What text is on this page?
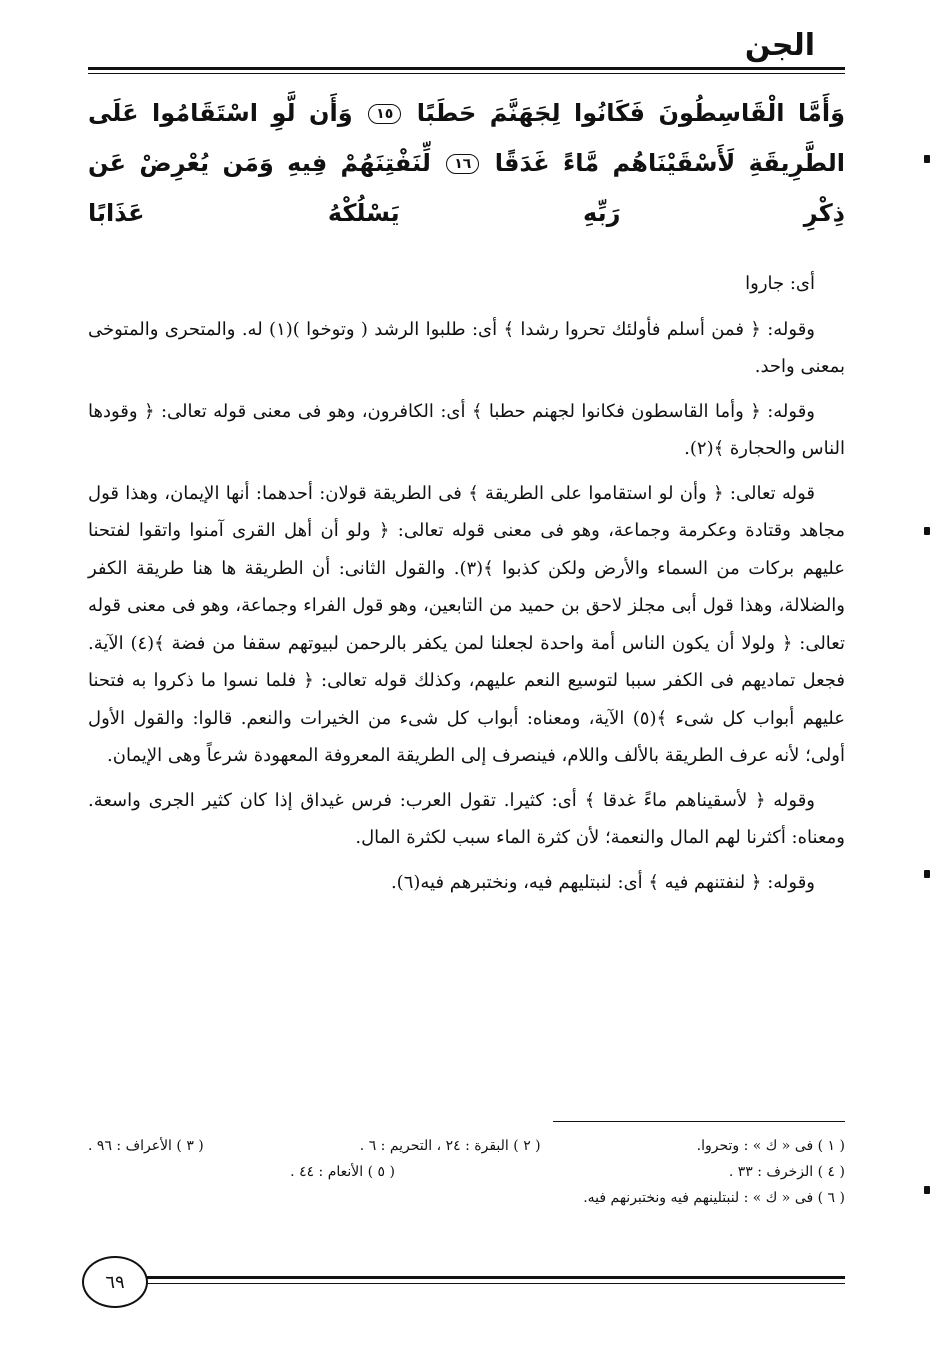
الجن
وَأَمَّا الْقَاسِطُونَ فَكَانُوا لِجَهَنَّمَ حَطَبًا ١٥ وَأَن لَّوِ اسْتَقَامُوا عَلَى الطَّرِيقَةِ لَأَسْقَيْنَاهُم مَّاءً غَدَقًا ١٦ لِّنَفْتِنَهُمْ فِيهِ وَمَن يُعْرِضْ عَن ذِكْرِ رَبِّهِ يَسْلُكْهُ عَذَابًا

أى: جاروا

وقوله: ﴿ فمن أسلم فأولئك تحروا رشدا ﴾ أى: طلبوا الرشد ( وتوخوا )(١) له. والمتحرى والمتوخى بمعنى واحد.

وقوله: ﴿ وأما القاسطون فكانوا لجهنم حطبا ﴾ أى: الكافرون، وهو فى معنى قوله تعالى: ﴿ وقودها الناس والحجارة ﴾(٢).

قوله تعالى: ﴿ وأن لو استقاموا على الطريقة ﴾ فى الطريقة قولان: أحدهما: أنها الإيمان، وهذا قول مجاهد وقتادة وعكرمة وجماعة، وهو فى معنى قوله تعالى: ﴿ ولو أن أهل القرى آمنوا واتقوا لفتحنا عليهم بركات من السماء والأرض ولكن كذبوا ﴾(٣). والقول الثانى: أن الطريقة ها هنا طريقة الكفر والضلالة، وهذا قول أبى مجلز لاحق بن حميد من التابعين، وهو قول الفراء وجماعة، وهو فى معنى قوله تعالى: ﴿ ولولا أن يكون الناس أمة واحدة لجعلنا لمن يكفر بالرحمن لبيوتهم سقفا من فضة ﴾(٤) الآية. فجعل تماديهم فى الكفر سببا لتوسيع النعم عليهم، وكذلك قوله تعالى: ﴿ فلما نسوا ما ذكروا به فتحنا عليهم أبواب كل شىء ﴾(٥) الآية، ومعناه: أبواب كل شىء من الخيرات والنعم. قالوا: والقول الأول أولى؛ لأنه عرف الطريقة بالألف واللام، فينصرف إلى الطريقة المعروفة المعهودة شرعاً وهى الإيمان.

وقوله ﴿ لأسقيناهم ماءً غدقا ﴾ أى: كثيرا. تقول العرب: فرس غيداق إذا كان كثير الجرى واسعة. ومعناه: أكثرنا لهم المال والنعمة؛ لأن كثرة الماء سبب لكثرة المال.

وقوله: ﴿ لنفتنهم فيه ﴾ أى: لنبتليهم فيه، ونختبرهم فيه(٦).

( ١ ) فى « ك » : وتحروا.
( ٢ ) البقرة : ٢٤ ، التحريم : ٦ .
( ٣ ) الأعراف : ٩٦ .
( ٤ ) الزخرف : ٣٣ .
( ٥ ) الأنعام : ٤٤ .
( ٦ ) فى « ك » : لنبتلينهم فيه ونختبرنهم فيه.
٦٩
